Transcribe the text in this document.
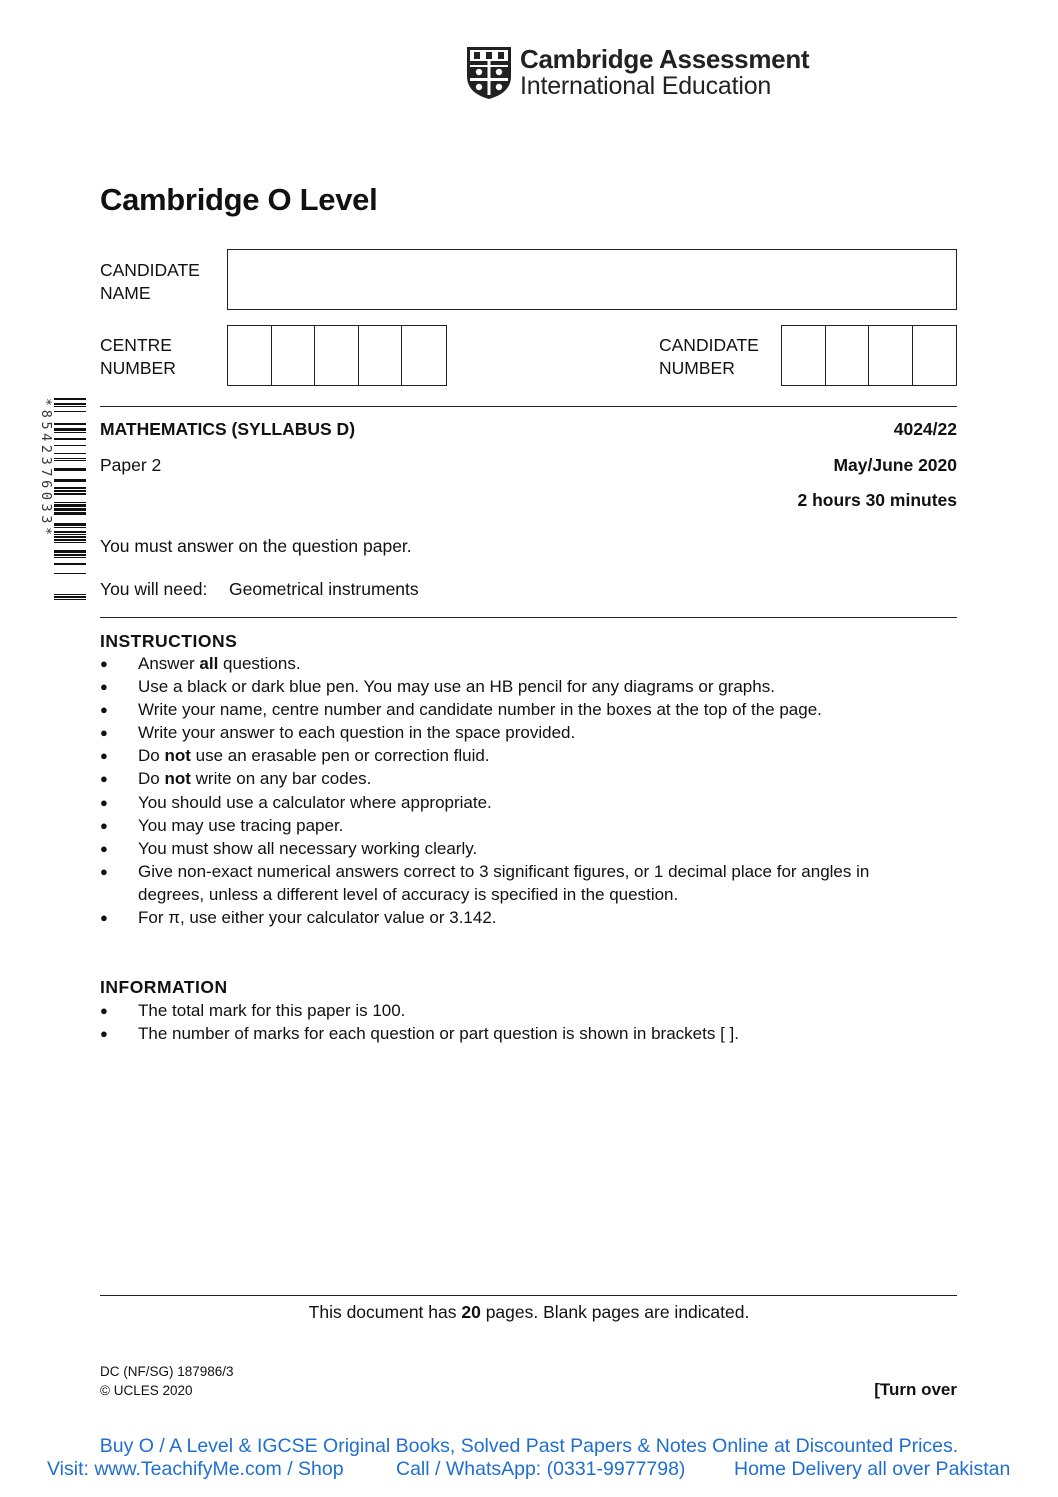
Cambridge Assessment
International Education
Cambridge O Level
CANDIDATE
NAME
CENTRE
NUMBER
CANDIDATE
NUMBER
*8542376033*	MATHEMATICS (SYLLABUS D)	4024/22
Paper 2	May/June 2020
2 hours 30 minutes
You must answer on the question paper.
You will need: Geometrical instruments
INSTRUCTIONS
● Answer all questions.
● Use a black or dark blue pen. You may use an HB pencil for any diagrams or graphs.
● Write your name, centre number and candidate number in the boxes at the top of the page.
● Write your answer to each question in the space provided.
● Do not use an erasable pen or correction fluid.
● Do not write on any bar codes.
● You should use a calculator where appropriate.
● You may use tracing paper.
● You must show all necessary working clearly.
● Give non-exact numerical answers correct to 3 significant figures, or 1 decimal place for angles in degrees, unless a different level of accuracy is specified in the question.
● For π, use either your calculator value or 3.142.
INFORMATION
● The total mark for this paper is 100.
● The number of marks for each question or part question is shown in brackets [ ].
This document has 20 pages. Blank pages are indicated.
DC (NF/SG) 187986/3
© UCLES 2020	[Turn over
Buy O / A Level & IGCSE Original Books, Solved Past Papers & Notes Online at Discounted Prices.
Visit: www.TeachifyMe.com / Shop	Call / WhatsApp: (0331-9977798) Home Delivery all over Pakistan
